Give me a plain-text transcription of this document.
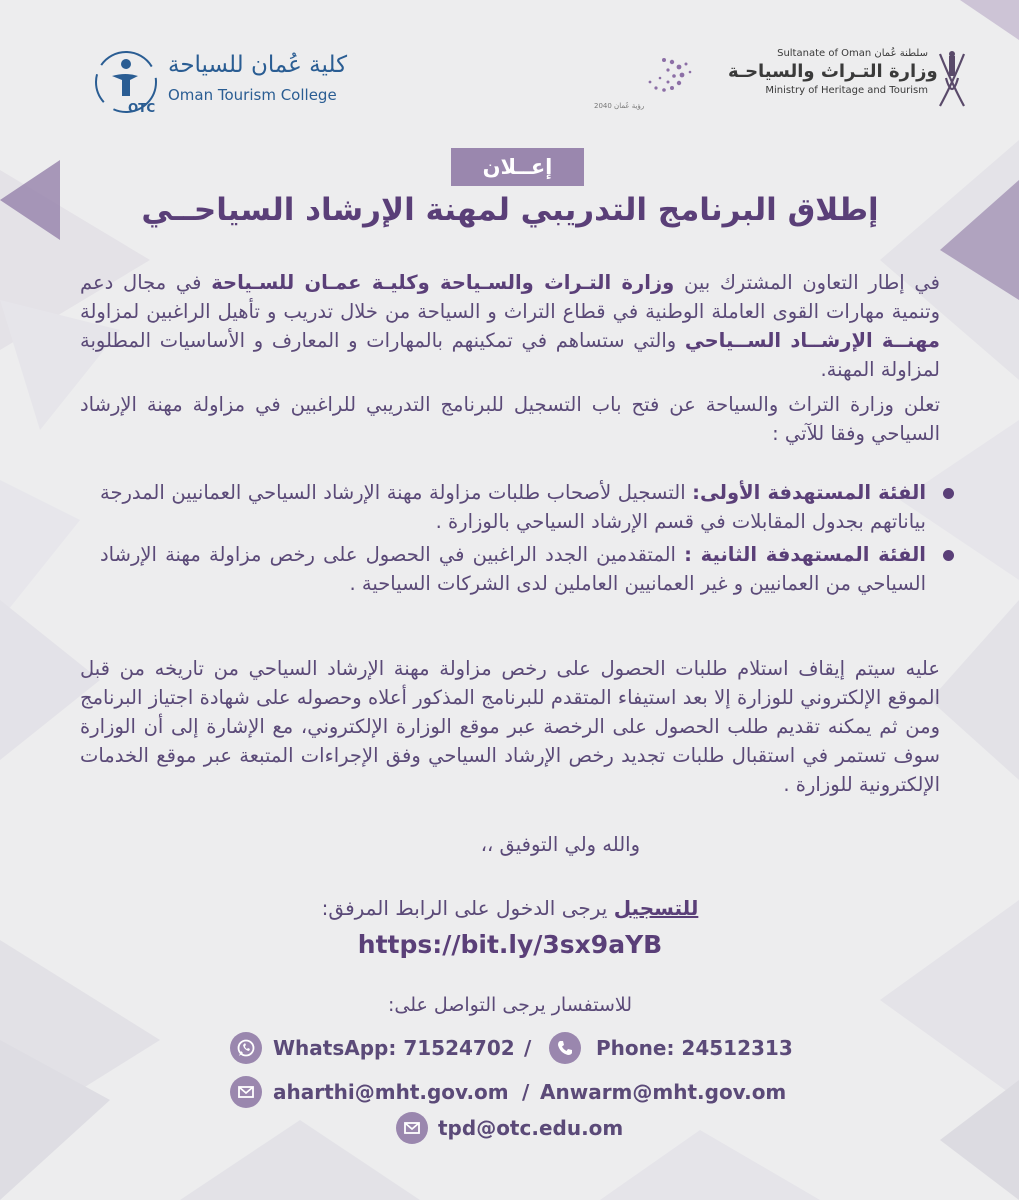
OTC
كلية عُمان للسياحة
Oman Tourism College
رؤية عُمان 2040
Sultanate of Oman سلطنة عُمان
وزارة التـراث والسياحـة
Ministry of Heritage and Tourism
إعــلان
إطلاق البرنامج التدريبي لمهنة الإرشاد السياحــي
في إطار التعاون المشترك بين وزارة التـراث والسـياحة وكليـة عمـان للسـياحة في مجال دعم وتنمية مهارات القوى العاملة الوطنية في قطاع التراث و السياحة من خلال تدريب و تأهيل الراغبين لمزاولة مهنــة الإرشــاد الســياحي والتي ستساهم في تمكينهم بالمهارات و المعارف و الأساسيات المطلوبة لمزاولة المهنة.
تعلن وزارة التراث والسياحة عن فتح باب التسجيل للبرنامج التدريبي للراغبين في مزاولة مهنة الإرشاد السياحي وفقا للآتي :
الفئة المستهدفة الأولى: التسجيل لأصحاب طلبات مزاولة مهنة الإرشاد السياحي العمانيين المدرجة بياناتهم بجدول المقابلات في قسم الإرشاد السياحي بالوزارة .
الفئة المستهدفة الثانية : المتقدمين الجدد الراغبين في الحصول على رخص مزاولة مهنة الإرشاد السياحي من العمانيين و غير العمانيين العاملين لدى الشركات السياحية .
عليه سيتم إيقاف استلام طلبات الحصول على رخص مزاولة مهنة الإرشاد السياحي من تاريخه من قبل الموقع الإلكتروني للوزارة إلا بعد استيفاء المتقدم للبرنامج المذكور أعلاه وحصوله على شهادة اجتياز البرنامج ومن ثم يمكنه تقديم طلب الحصول على الرخصة عبر موقع الوزارة الإلكتروني، مع الإشارة إلى أن الوزارة سوف تستمر في استقبال طلبات تجديد رخص الإرشاد السياحي وفق الإجراءات المتبعة عبر موقع الخدمات الإلكترونية للوزارة .
والله ولي التوفيق ،،
للتسجيل يرجى الدخول على الرابط المرفق:
https://bit.ly/3sx9aYB
للاستفسار يرجى التواصل على:
WhatsApp: 71524702 /	Phone: 24512313
aharthi@mht.gov.om / Anwarm@mht.gov.om
tpd@otc.edu.om
